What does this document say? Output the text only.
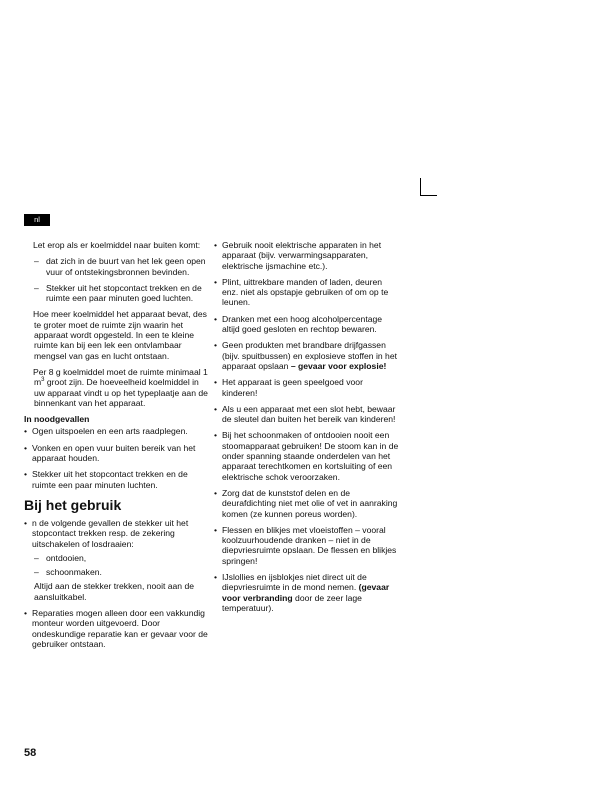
nl

Let erop als er koelmiddel naar buiten komt:

– dat zich in de buurt van het lek geen open vuur of ontstekingsbronnen bevinden.

– Stekker uit het stopcontact trekken en de ruimte een paar minuten goed luchten.

Hoe meer koelmiddel het apparaat bevat, des te groter moet de ruimte zijn waarin het apparaat wordt opgesteld. In een te kleine ruimte kan bij een lek een ontvlambaar mengsel van gas en lucht ontstaan.

Per 8 g koelmiddel moet de ruimte minimaal 1 $m^3$ groot zijn. De hoeveelheid koelmiddel in uw apparaat vindt u op het typeplaatje aan de binnenkant van het apparaat.

In noodgevallen

• Ogen uitspoelen en een arts raadplegen.

• Vonken en open vuur buiten bereik van het apparaat houden.

• Stekker uit het stopcontact trekken en de ruimte een paar minuten luchten.

Bij het gebruik

• n de volgende gevallen de stekker uit het stopcontact trekken resp. de zekering uitschakelen of losdraaien:

– ontdooien,

– schoonmaken.

Altijd aan de stekker trekken, nooit aan de aansluitkabel.

• Reparaties mogen alleen door een vakkundig monteur worden uitgevoerd. Door ondeskundige reparatie kan er gevaar voor de gebruiker ontstaan.

• Gebruik nooit elektrische apparaten in het apparaat (bijv. verwarmingsapparaten, elektrische ijsmachine etc.).

• Plint, uittrekbare manden of laden, deuren enz. niet als opstapje gebruiken of om op te leunen.

• Dranken met een hoog alcoholpercentage altijd goed gesloten en rechtop bewaren.

• Geen produkten met brandbare drijfgassen (bijv. spuitbussen) en explosieve stoffen in het apparaat opslaan – gevaar voor explosie!

• Het apparaat is geen speelgoed voor kinderen!

• Als u een apparaat met een slot hebt, bewaar de sleutel dan buiten het bereik van kinderen!

• Bij het schoonmaken of ontdooien nooit een stoomapparaat gebruiken! De stoom kan in de onder spanning staande onderdelen van het apparaat terechtkomen en kortsluiting of een elektrische schok veroorzaken.

• Zorg dat de kunststof delen en de deurafdichting niet met olie of vet in aanraking komen (ze kunnen poreus worden).

• Flessen en blikjes met vloeistoffen – vooral koolzuurhoudende dranken – niet in de diepvriesruimte opslaan. De flessen en blikjes springen!

• IJslollies en ijsblokjes niet direct uit de diepvriesruimte in de mond nemen. (gevaar voor verbranding door de zeer lage temperatuur).

58
